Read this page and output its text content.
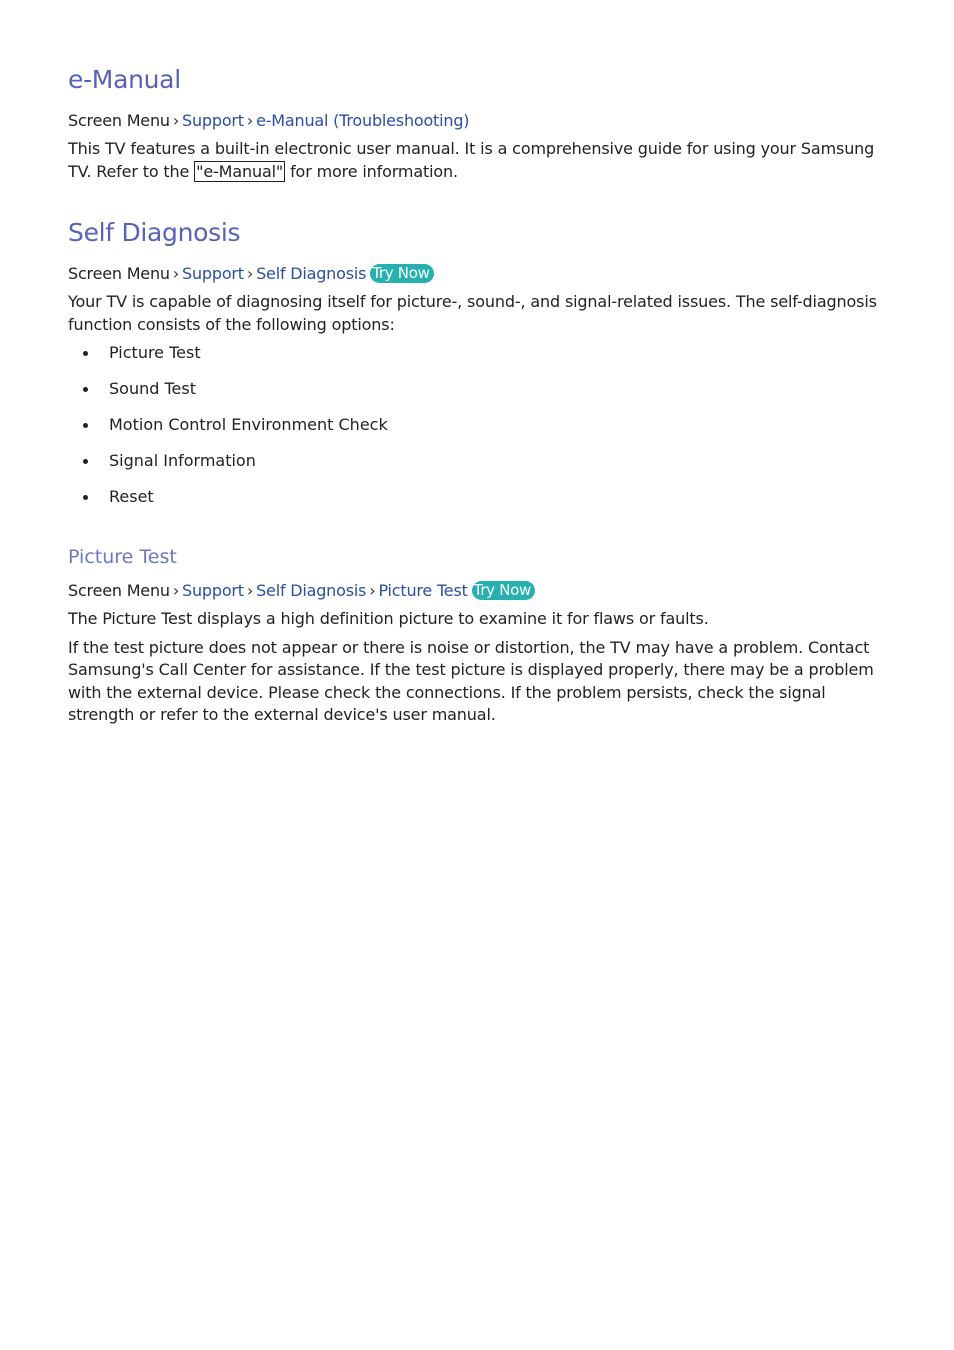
e-Manual
Screen Menu › Support › e-Manual (Troubleshooting)

This TV features a built-in electronic user manual. It is a comprehensive guide for using your Samsung TV. Refer to the "e-Manual" for more information.

Self Diagnosis
Screen Menu › Support › Self Diagnosis Try Now

Your TV is capable of diagnosing itself for picture-, sound-, and signal-related issues. The self-diagnosis function consists of the following options:

Picture Test
Sound Test
Motion Control Environment Check
Signal Information
Reset
Picture Test
Screen Menu › Support › Self Diagnosis › Picture Test Try Now

The Picture Test displays a high definition picture to examine it for flaws or faults.

If the test picture does not appear or there is noise or distortion, the TV may have a problem. Contact Samsung's Call Center for assistance. If the test picture is displayed properly, there may be a problem with the external device. Please check the connections. If the problem persists, check the signal strength or refer to the external device's user manual.
